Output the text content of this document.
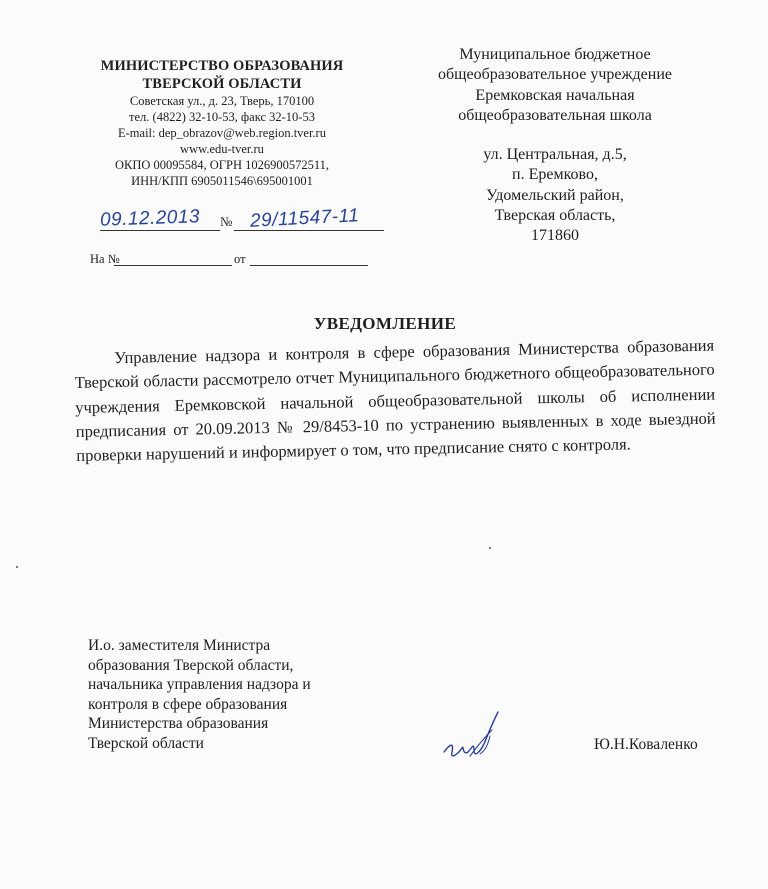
МИНИСТЕРСТВО ОБРАЗОВАНИЯ
ТВЕРСКОЙ ОБЛАСТИ
Советская ул., д. 23, Тверь, 170100
тел. (4822) 32-10-53, факс 32-10-53
E-mail: dep_obrazov@web.region.tver.ru
www.edu-tver.ru
ОКПО 00095584, ОГРН 1026900572511,
ИНН/КПП 6905011546\695001001
09.12.2013 № 29/11547-11
На №	от
Муниципальное бюджетное
общеобразовательное учреждение
Еремковская начальная
общеобразовательная школа
ул. Центральная, д.5,
п. Еремково,
Удомельский район,
Тверская область,
171860
УВЕДОМЛЕНИЕ
Управление надзора и контроля в сфере образования Министерства образования Тверской области рассмотрело отчет Муниципального бюджетного общеобразовательного учреждения Еремковской начальной общеобразовательной школы об исполнении предписания от 20.09.2013 № 29/8453-10 по устранению выявленных в ходе выездной проверки нарушений и информирует о том, что предписание снято с контроля.
И.о. заместителя Министра
образования Тверской области,
начальника управления надзора и
контроля в сфере образования
Министерства образования
Тверской области	Ю.Н.Коваленко
